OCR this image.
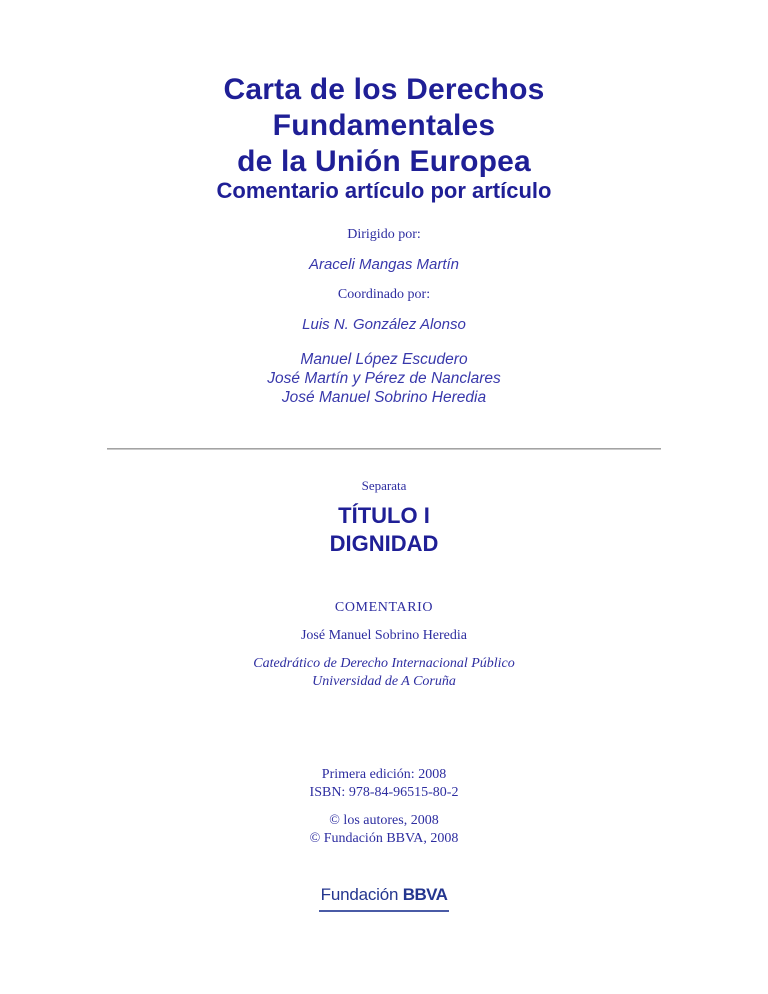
Carta de los Derechos
Fundamentales
de la Unión Europea
Comentario artículo por artículo
Dirigido por:
Araceli Mangas Martín
Coordinado por:
Luis N. González Alonso
Manuel López Escudero
José Martín y Pérez de Nanclares
José Manuel Sobrino Heredia
Separata
TÍTULO I
DIGNIDAD
COMENTARIO
José Manuel Sobrino Heredia
Catedrático de Derecho Internacional Público
Universidad de A Coruña
Primera edición: 2008
ISBN: 978-84-96515-80-2
© los autores, 2008
© Fundación BBVA, 2008
Fundación BBVA
